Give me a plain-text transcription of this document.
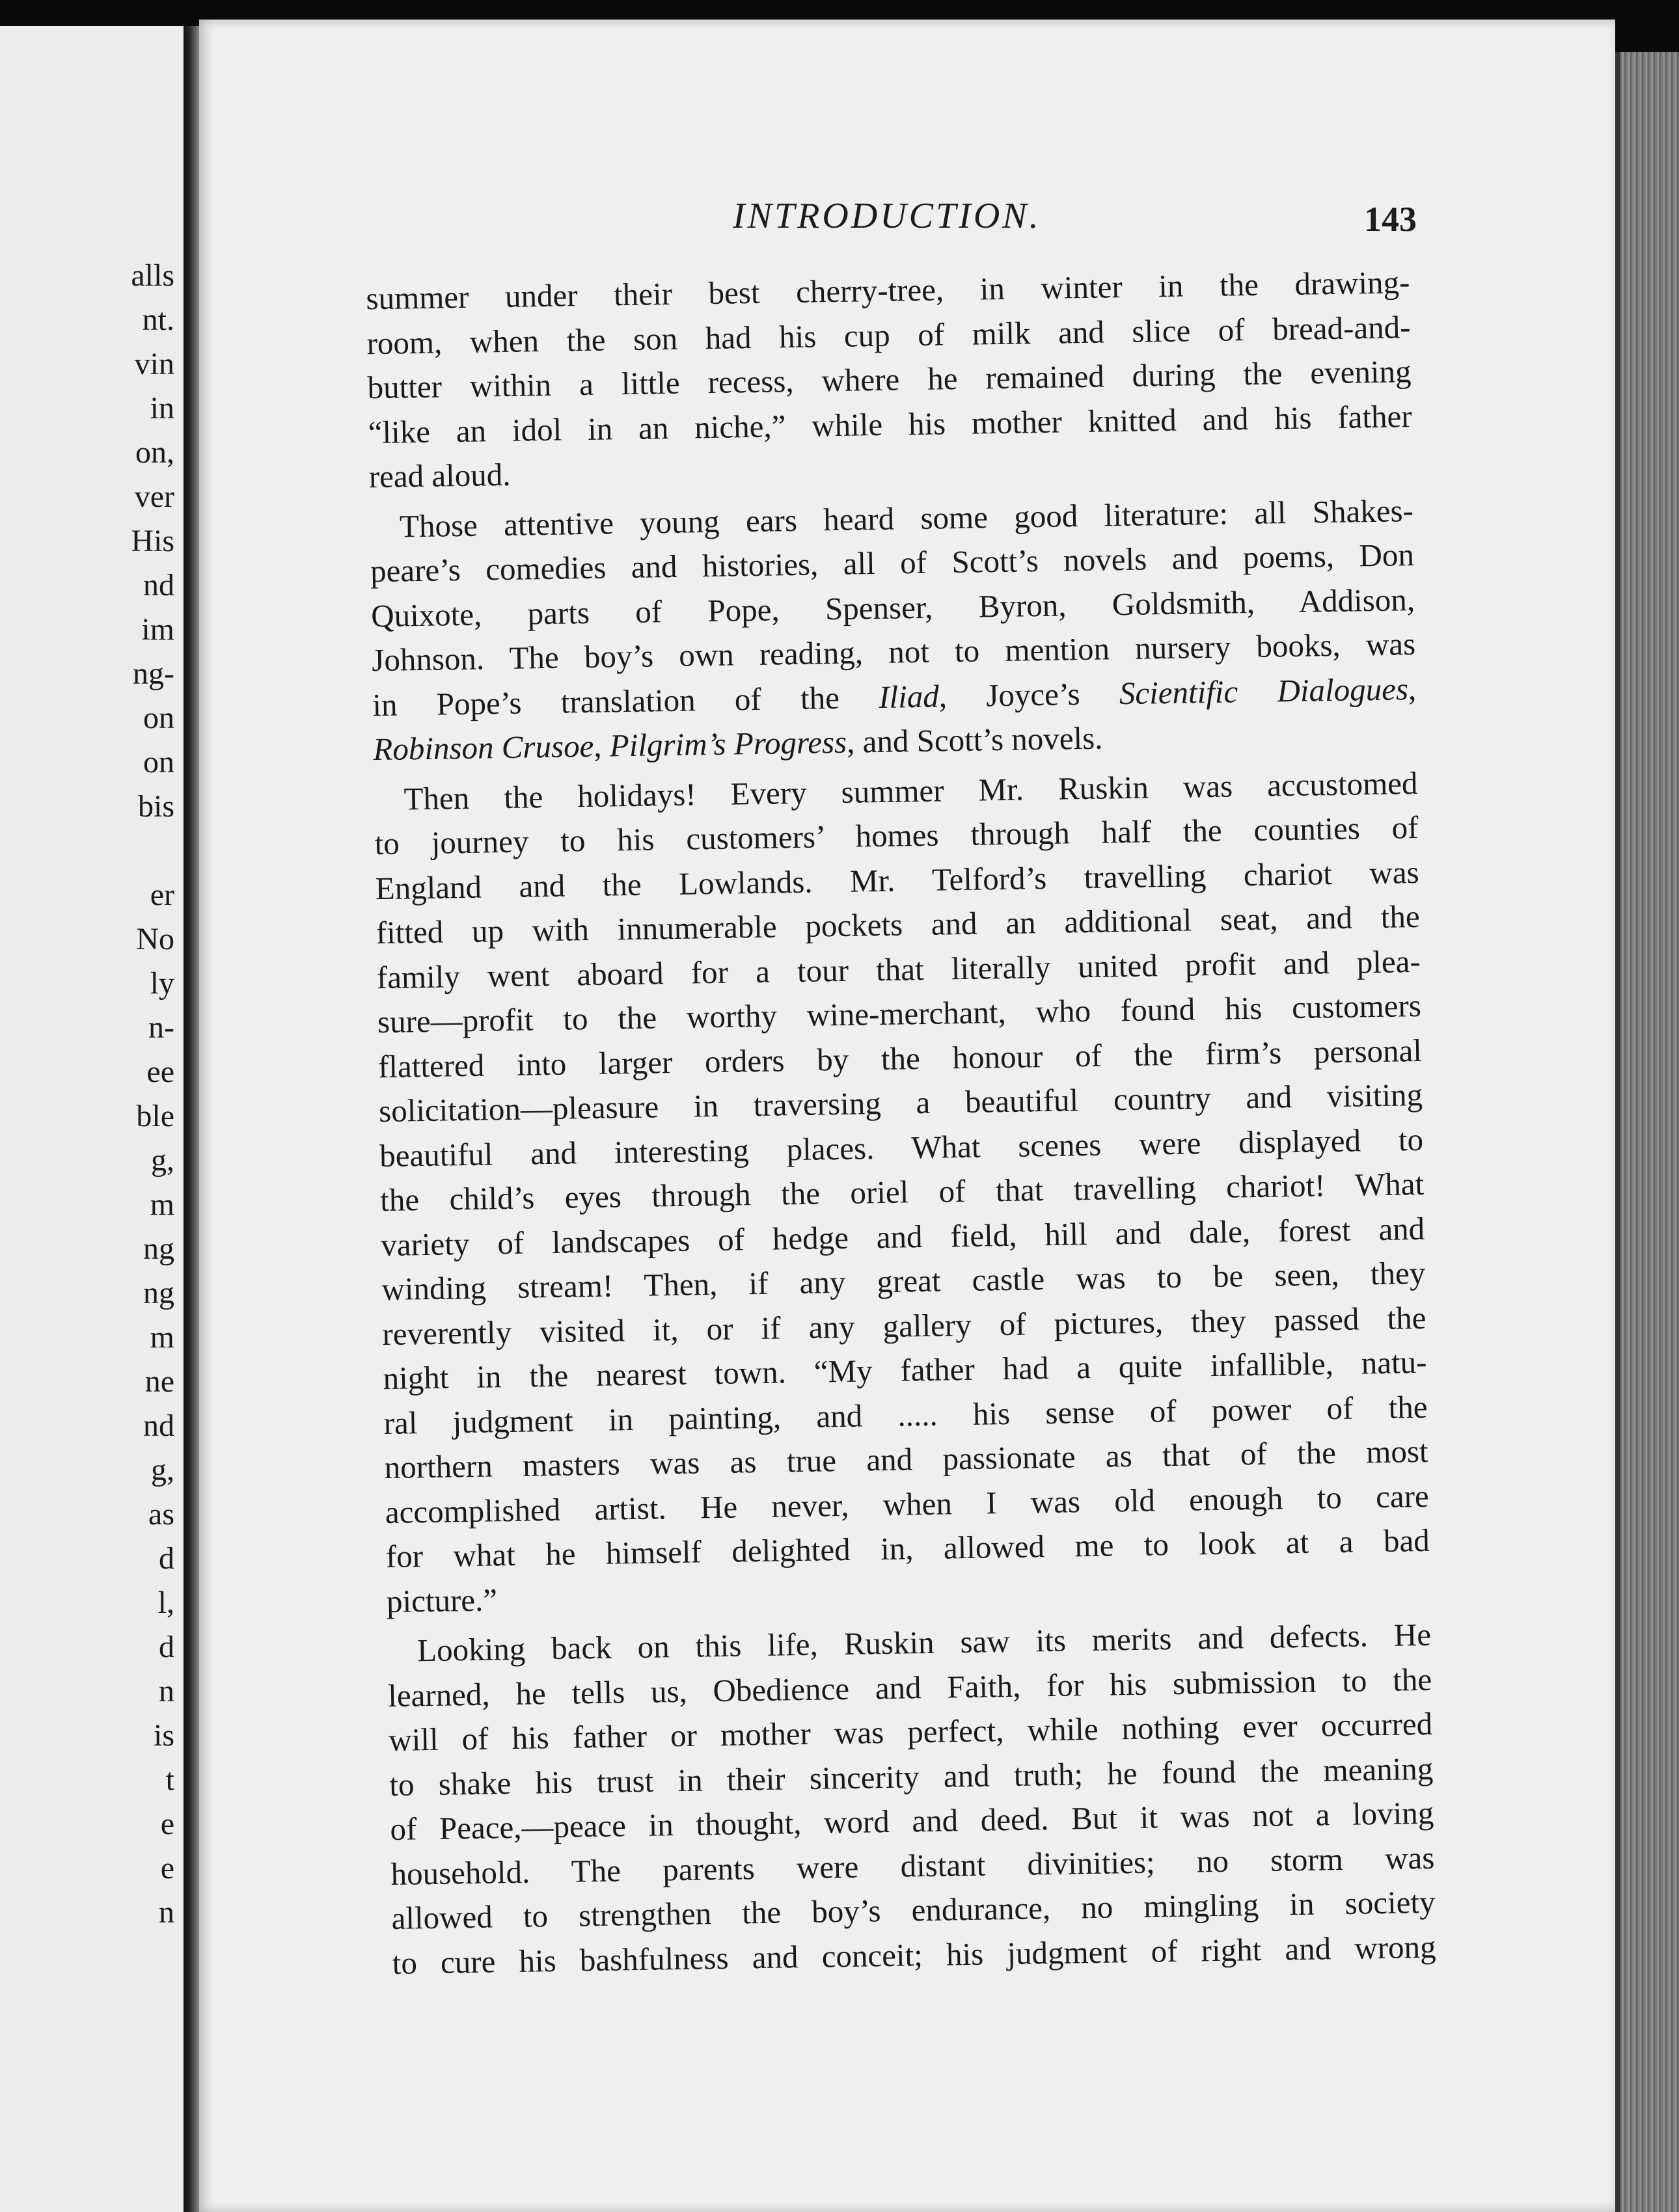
alls
nt.
vin
in
on,
ver
His
nd
im
ng-
on
on
bis
er
No
ly
n-
ee
ble
g,
m
ng
ng
m
ne
nd
g,
as
d
l,
d
n
is
t
e
e
n
INTRODUCTION.	143
summer under their best cherry-tree, in winter in the drawing-
room, when the son had his cup of milk and slice of bread-and-
butter within a little recess, where he remained during the evening
“like an idol in an niche,” while his mother knitted and his father
read aloud.
Those attentive young ears heard some good literature: all Shakes-
peare’s comedies and histories, all of Scott’s novels and poems, Don
Quixote, parts of Pope, Spenser, Byron, Goldsmith, Addison,
Johnson. The boy’s own reading, not to mention nursery books, was
in Pope’s translation of the Iliad, Joyce’s Scientific Dialogues,
Robinson Crusoe, Pilgrim’s Progress, and Scott’s novels.
Then the holidays! Every summer Mr. Ruskin was accustomed
to journey to his customers’ homes through half the counties of
England and the Lowlands. Mr. Telford’s travelling chariot was
fitted up with innumerable pockets and an additional seat, and the
family went aboard for a tour that literally united profit and plea-
sure—profit to the worthy wine-merchant, who found his customers
flattered into larger orders by the honour of the firm’s personal
solicitation—pleasure in traversing a beautiful country and visiting
beautiful and interesting places. What scenes were displayed to
the child’s eyes through the oriel of that travelling chariot! What
variety of landscapes of hedge and field, hill and dale, forest and
winding stream! Then, if any great castle was to be seen, they
reverently visited it, or if any gallery of pictures, they passed the
night in the nearest town. “My father had a quite infallible, natu-
ral judgment in painting, and ..... his sense of power of the
northern masters was as true and passionate as that of the most
accomplished artist. He never, when I was old enough to care
for what he himself delighted in, allowed me to look at a bad
picture.”
Looking back on this life, Ruskin saw its merits and defects. He
learned, he tells us, Obedience and Faith, for his submission to the
will of his father or mother was perfect, while nothing ever occurred
to shake his trust in their sincerity and truth; he found the meaning
of Peace,—peace in thought, word and deed. But it was not a loving
household. The parents were distant divinities; no storm was
allowed to strengthen the boy’s endurance, no mingling in society
to cure his bashfulness and conceit; his judgment of right and wrong
